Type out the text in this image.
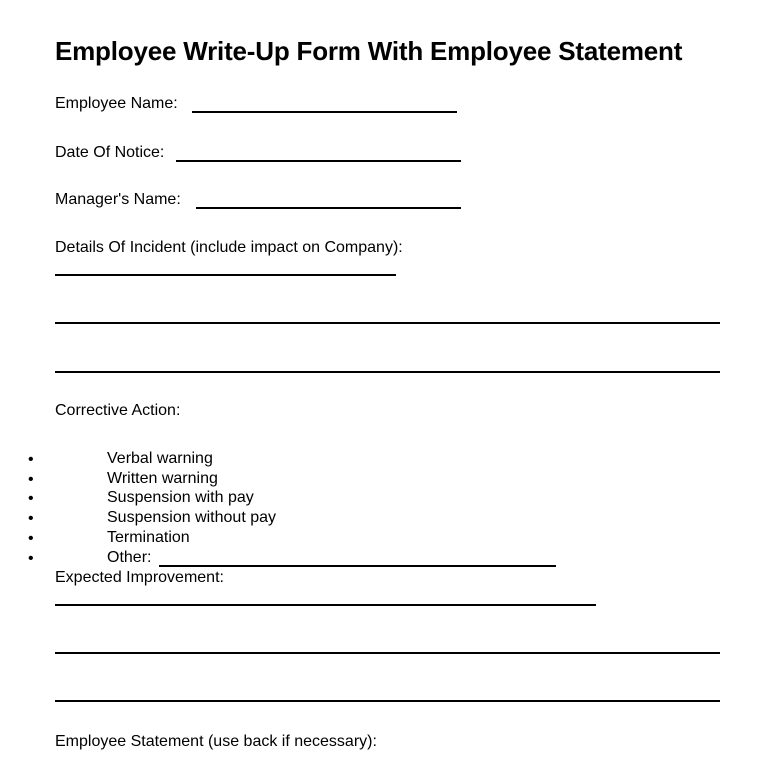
Employee Write-Up Form With Employee Statement
Employee Name:
Date Of Notice:
Manager's Name:
Details Of Incident (include impact on Company):
Corrective Action:
•	Verbal warning
•	Written warning
•	Suspension with pay
•	Suspension without pay
•	Termination
•	Other:
Expected Improvement:
Employee Statement (use back if necessary):
